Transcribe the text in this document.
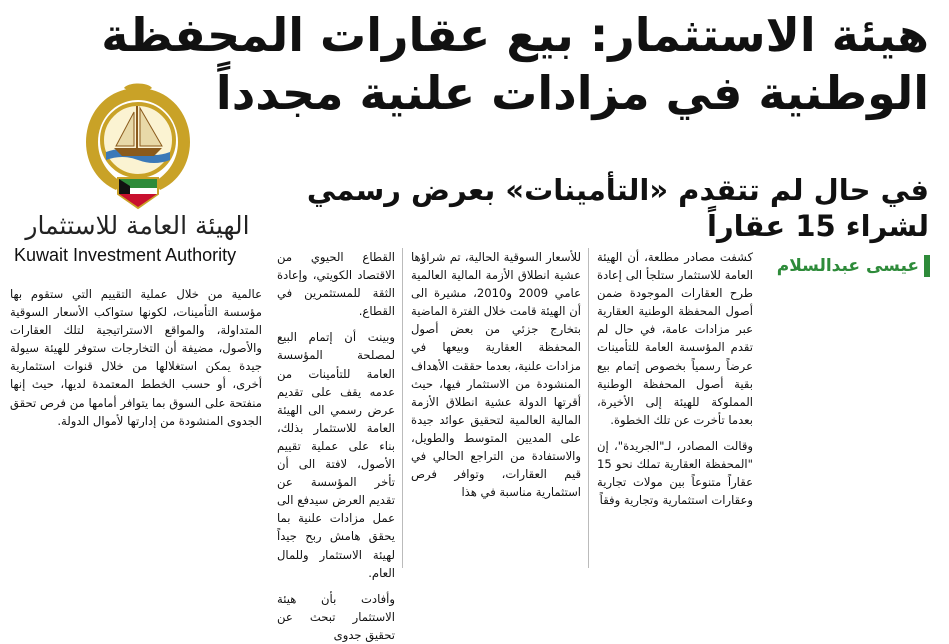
هيئة الاستثمار: بيع عقارات المحفظة الوطنية في مزادات علنية مجدداً
في حال لم تتقدم «التأمينات» بعرض رسمي لشراء 15 عقاراً
الهيئة العامة للاستثمار
Kuwait Investment Authority
عيسى عبدالسلام

كشفت مصادر مطلعة، أن الهيئة العامة للاستثمار ستلجأ الى إعادة طرح العقارات الموجودة ضمن أصول المحفظة الوطنية العقارية عبر مزادات عامة، في حال لم تقدم المؤسسة العامة للتأمينات عرضاً رسمياً بخصوص إتمام بيع بقية أصول المحفظة الوطنية المملوكة للهيئة إلى الأخيرة، بعدما تأخرت عن تلك الخطوة.

وقالت المصادر، لـ"الجريدة"، إن "المحفظة العقارية تملك نحو 15 عقاراً متنوعاً بين مولات تجارية وعقارات استثمارية وتجارية وفقاً

للأسعار السوقية الحالية، تم شراؤها عشية انطلاق الأزمة المالية العالمية عامي 2009 و2010، مشيرة الى أن الهيئة قامت خلال الفترة الماضية بتخارج جزئي من بعض أصول المحفظة العقارية وبيعها في مزادات علنية، بعدما حققت الأهداف المنشودة من الاستثمار فيها، حيث أقرتها الدولة عشية انطلاق الأزمة المالية العالمية لتحقيق عوائد جيدة على المديين المتوسط والطويل، والاستفادة من التراجع الحالي في قيم العقارات، وتوافر فرص استثمارية مناسبة في هذا

القطاع الحيوي من الاقتصاد الكويتي، وإعادة الثقة للمستثمرين في القطاع.

وبينت أن إتمام البيع لمصلحة المؤسسة العامة للتأمينات من عدمه يقف على تقديم عرض رسمي الى الهيئة العامة للاستثمار بذلك، بناء على عملية تقييم الأصول، لافتة الى أن تأخر المؤسسة عن تقديم العرض سيدفع الى عمل مزادات علنية بما يحقق هامش ربح جيداً لهيئة الاستثمار وللمال العام.

وأفادت بأن هيئة الاستثمار تبحث عن تحقيق جدوى

عالمية من خلال عملية التقييم التي ستقوم بها مؤسسة التأمينات، لكونها ستواكب الأسعار السوقية المتداولة، والمواقع الاستراتيجية لتلك العقارات والأصول، مضيفة أن التخارجات ستوفر للهيئة سيولة جيدة يمكن استغلالها من خلال قنوات استثمارية أخرى، أو حسب الخطط المعتمدة لديها، حيث إنها منفتحة على السوق بما يتوافر أمامها من فرص تحقق الجدوى المنشودة من إدارتها لأموال الدولة.
